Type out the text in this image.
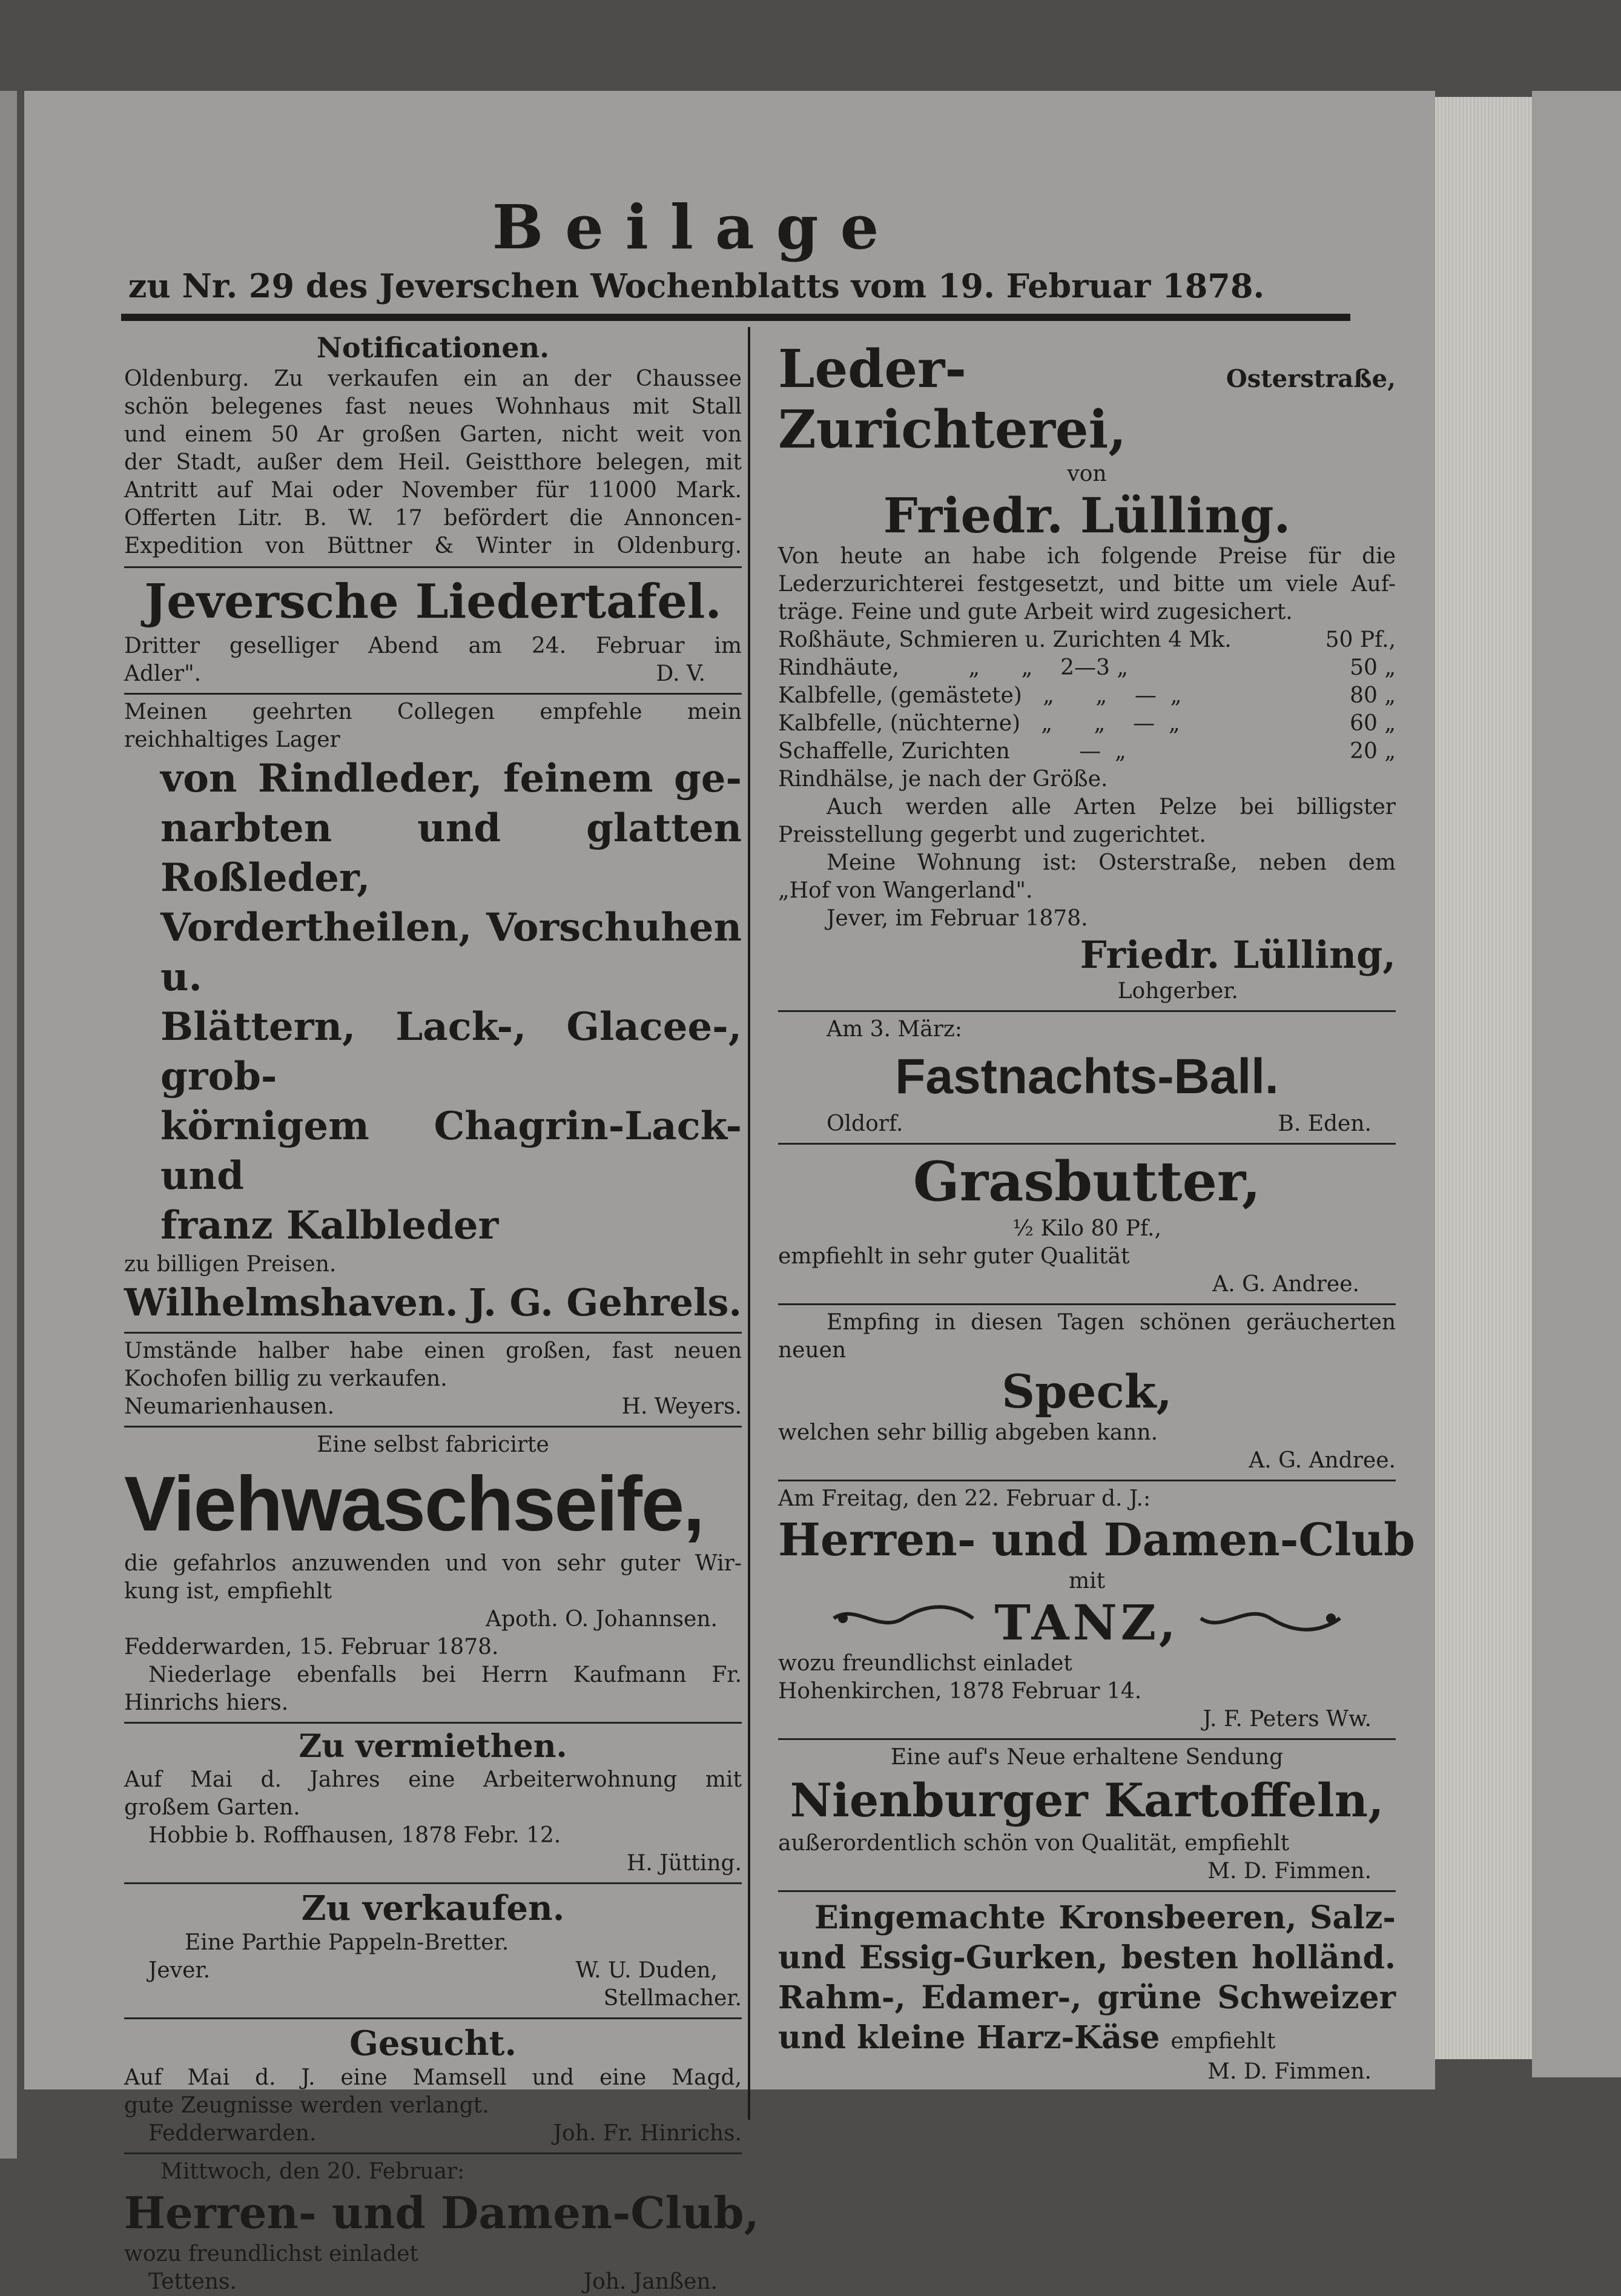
Beilage

zu Nr. 29 des Jeverschen Wochenblatts vom 19. Februar 1878.

Notificationen.

Oldenburg. Zu verkaufen ein an der Chaussee

schön belegenes fast neues Wohnhaus mit Stall

und einem 50 Ar großen Garten, nicht weit von

der Stadt, außer dem Heil. Geistthore belegen, mit

Antritt auf Mai oder November für 11000 Mark.

Offerten Litr. B. W. 17 befördert die Annoncen-

Expedition von Büttner & Winter in Oldenburg.

Jeversche Liedertafel.

Dritter geselliger Abend am 24. Februar im

Adler".	D. V.

Meinen geehrten Collegen empfehle mein

reichhaltiges Lager

von Rindleder, feinem ge-

narbten und glatten Roßleder,

Vordertheilen, Vorschuhen u.

Blättern, Lack-, Glacee-, grob-

körnigem Chagrin-Lack- und

franz Kalbleder

zu billigen Preisen.

Wilhelmshaven. J. G. Gehrels.

Umstände halber habe einen großen, fast neuen

Kochofen billig zu verkaufen.

Neumarienhausen.	H. Weyers.

Eine selbst fabricirte

Viehwaschseife,

die gefahrlos anzuwenden und von sehr guter Wir-

kung ist, empfiehlt

Apoth. O. Johannsen.

Fedderwarden, 15. Februar 1878.

Niederlage ebenfalls bei Herrn Kaufmann Fr.

Hinrichs hiers.

Zu vermiethen.

Auf Mai d. Jahres eine Arbeiterwohnung mit

großem Garten.

Hobbie b. Roffhausen, 1878 Febr. 12.

H. Jütting.

Zu verkaufen.

Eine Parthie Pappeln-Bretter.

Jever.	W. U. Duden,

Stellmacher.

Gesucht.

Auf Mai d. J. eine Mamsell und eine Magd,

gute Zeugnisse werden verlangt.

Fedderwarden.	Joh. Fr. Hinrichs.

Mittwoch, den 20. Februar:

Herren- und Damen-Club,

wozu freundlichst einladet

Tettens.	Joh. Janßen.
Leder-Zurichterei,
Osterstraße,

von

Friedr. Lülling.

Von heute an habe ich folgende Preise für die

Lederzurichterei festgesetzt, und bitte um viele Auf-

träge. Feine und gute Arbeit wird zugesichert.

Roßhäute, Schmieren u. Zurichten 4 Mk.	50 Pf.,
Rindhäute,          „      „    2—3 „	50 „
Kalbfelle, (gemästete)   „      „    —  „	80 „
Kalbfelle, (nüchterne)   „      „    —  „	60 „
Schaffelle, Zurichten          —  „	20 „

Rindhälse, je nach der Größe.

Auch werden alle Arten Pelze bei billigster

Preisstellung gegerbt und zugerichtet.

Meine Wohnung ist: Osterstraße, neben dem

„Hof von Wangerland".

Jever, im Februar 1878.

Friedr. Lülling,

Lohgerber.

Am 3. März:

Fastnachts-Ball.

Oldorf.	B. Eden.

Grasbutter,

½ Kilo 80 Pf.,

empfiehlt in sehr guter Qualität

A. G. Andree.

Empfing in diesen Tagen schönen geräucherten

neuen

Speck,

welchen sehr billig abgeben kann.

A. G. Andree.

Am Freitag, den 22. Februar d. J.:

Herren- und Damen-Club

mit

TANZ,

wozu freundlichst einladet

Hohenkirchen, 1878 Februar 14.

J. F. Peters Ww.

Eine auf's Neue erhaltene Sendung

Nienburger Kartoffeln,

außerordentlich schön von Qualität, empfiehlt

M. D. Fimmen.

Eingemachte Kronsbeeren, Salz-

und Essig-Gurken, besten holländ.

Rahm-, Edamer-, grüne Schweizer

und kleine Harz-Käse empfiehlt

M. D. Fimmen.
